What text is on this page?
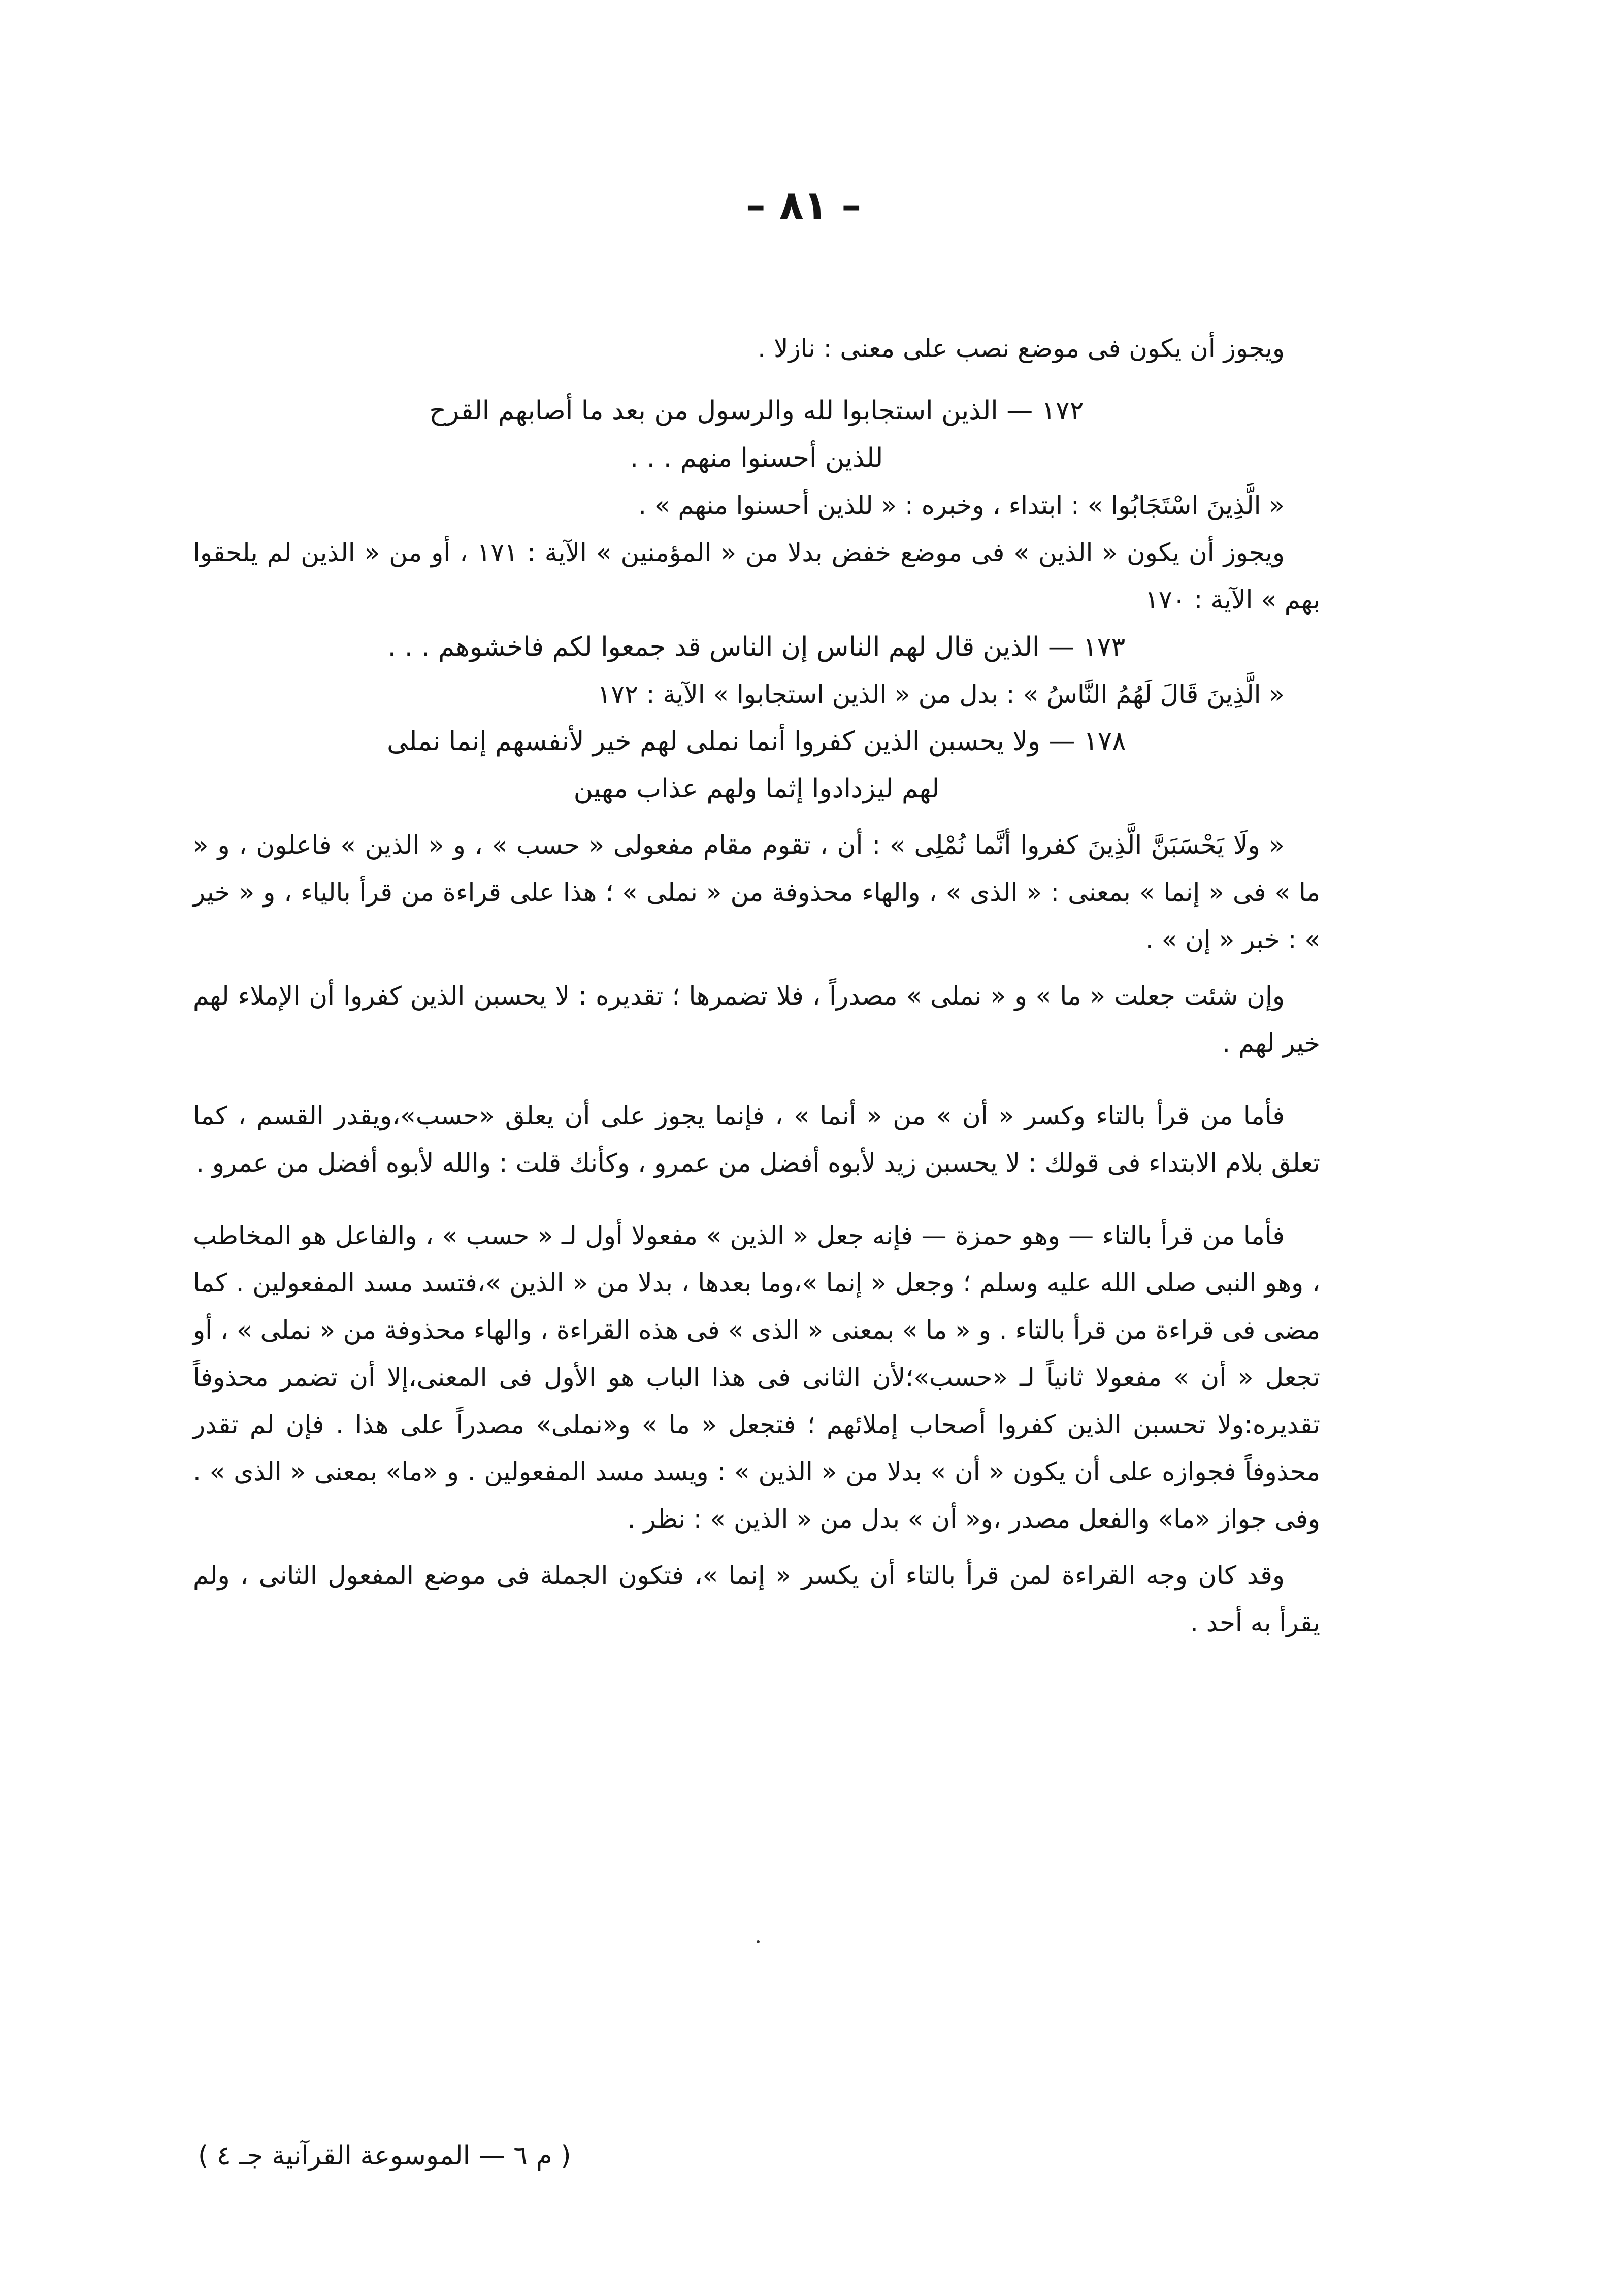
– ٨١ –

ويجوز أن يكون فى موضع نصب على معنى : نازلا .

١٧٢ — الذين استجابوا لله والرسول من بعد ما أصابهم القرح

للذين أحسنوا منهم . . .

« الَّذِينَ اسْتَجَابُوا » : ابتداء ، وخبره : « للذين أحسنوا منهم » .

ويجوز أن يكون « الذين » فى موضع خفض بدلا من « المؤمنين » الآية : ١٧١ ، أو من « الذين لم يلحقوا بهم » الآية : ١٧٠

١٧٣ — الذين قال لهم الناس إن الناس قد جمعوا لكم فاخشوهم . . .

« الَّذِينَ قَالَ لَهُمُ النَّاسُ » : بدل من « الذين استجابوا » الآية : ١٧٢

١٧٨ — ولا يحسبن الذين كفروا أنما نملى لهم خير لأنفسهم إنما نملى

لهم ليزدادوا إثما ولهم عذاب مهين

« ولَا يَحْسَبَنَّ الَّذِينَ كفروا أنَّما نُمْلِى » : أن ، تقوم مقام مفعولى « حسب » ، و « الذين » فاعلون ، و « ما » فى « إنما » بمعنى : « الذى » ، والهاء محذوفة من « نملى » ؛ هذا على قراءة من قرأ بالياء ، و « خير » : خبر « إن » .

وإن شئت جعلت « ما » و « نملى » مصدراً ، فلا تضمرها ؛ تقديره : لا يحسبن الذين كفروا أن الإملاء لهم خير لهم .

فأما من قرأ بالتاء وكسر « أن » من « أنما » ، فإنما يجوز على أن يعلق «حسب»،ويقدر القسم ، كما تعلق بلام الابتداء فى قولك : لا يحسبن زيد لأبوه أفضل من عمرو ، وكأنك قلت : والله لأبوه أفضل من عمرو .

فأما من قرأ بالتاء — وهو حمزة — فإنه جعل « الذين » مفعولا أول لـ « حسب » ، والفاعل هو المخاطب ، وهو النبى صلى الله عليه وسلم ؛ وجعل « إنما »،وما بعدها ، بدلا من « الذين »،فتسد مسد المفعولين . كما مضى فى قراءة من قرأ بالتاء . و « ما » بمعنى « الذى » فى هذه القراءة ، والهاء محذوفة من « نملى » ، أو تجعل « أن » مفعولا ثانياً لـ «حسب»؛لأن الثانى فى هذا الباب هو الأول فى المعنى،إلا أن تضمر محذوفاً تقديره:ولا تحسبن الذين كفروا أصحاب إملائهم ؛ فتجعل « ما » و«نملى» مصدراً على هذا . فإن لم تقدر محذوفاً فجوازه على أن يكون « أن » بدلا من « الذين » : ويسد مسد المفعولين . و «ما» بمعنى « الذى » . وفى جواز «ما» والفعل مصدر ،و« أن » بدل من « الذين » : نظر .

وقد كان وجه القراءة لمن قرأ بالتاء أن يكسر « إنما »، فتكون الجملة فى موضع المفعول الثانى ، ولم يقرأ به أحد .

( م ٦ — الموسوعة القرآنية جـ ٤ )
